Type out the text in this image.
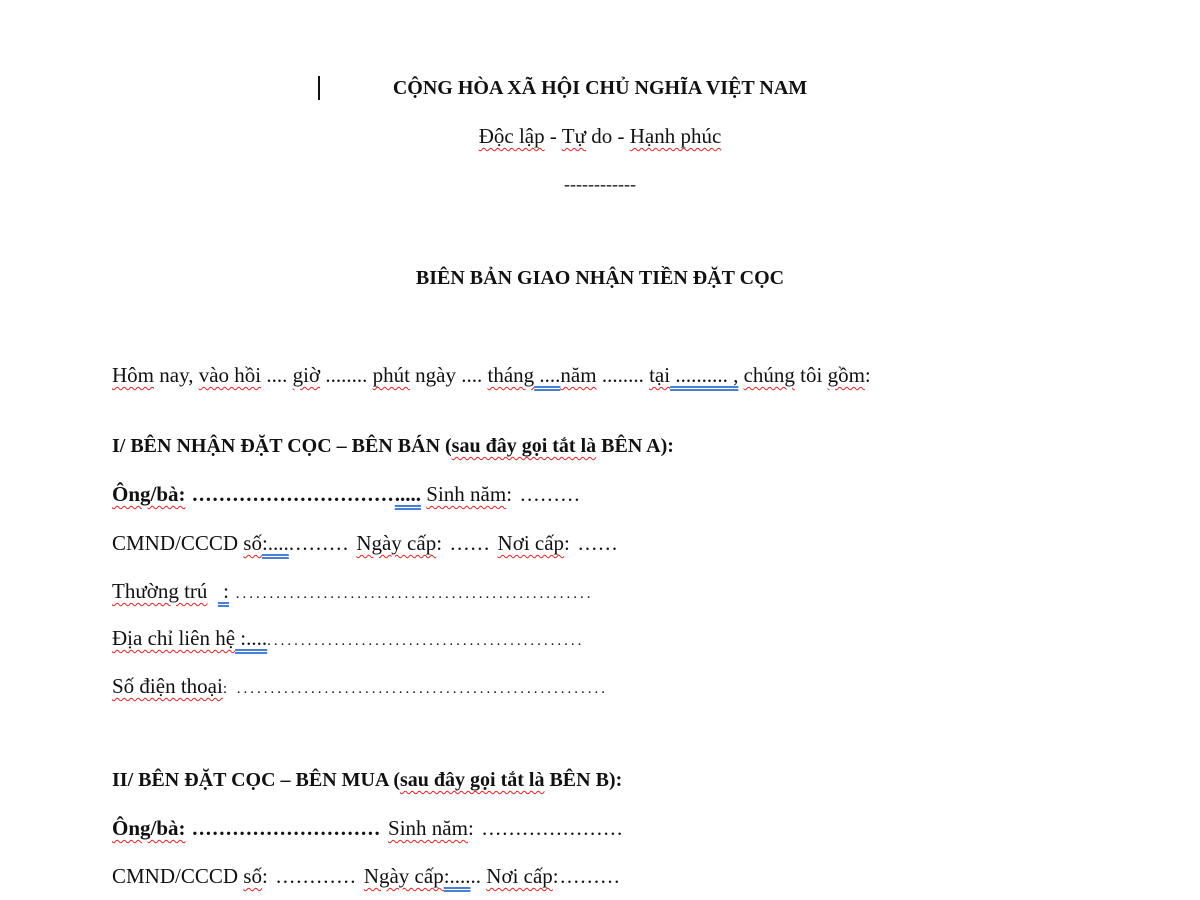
CỘNG HÒA XÃ HỘI CHỦ NGHĨA VIỆT NAM
Độc lập - Tự do - Hạnh phúc
------------
BIÊN BẢN GIAO NHẬN TIỀN ĐẶT CỌC
Hôm nay, vào hồi .... giờ ........ phút ngày .... tháng ....năm ........ tại .......... , chúng tôi gồm:
I/ BÊN NHẬN ĐẶT CỌC – BÊN BÁN (sau đây gọi tắt là BÊN A):
Ông/bà: ................................... Sinh năm: .........
CMND/CCCD số:............. Ngày cấp: ...... Nơi cấp: ......
Thường trú   : .....................................................
Địa chỉ liên hệ :...................................................
Số điện thoại: .......................................................
II/ BÊN ĐẶT CỌC – BÊN MUA (sau đây gọi tắt là BÊN B):
Ông/bà: ............................ Sinh năm: .....................
CMND/CCCD số: ............ Ngày cấp:...... Nơi cấp:.........
